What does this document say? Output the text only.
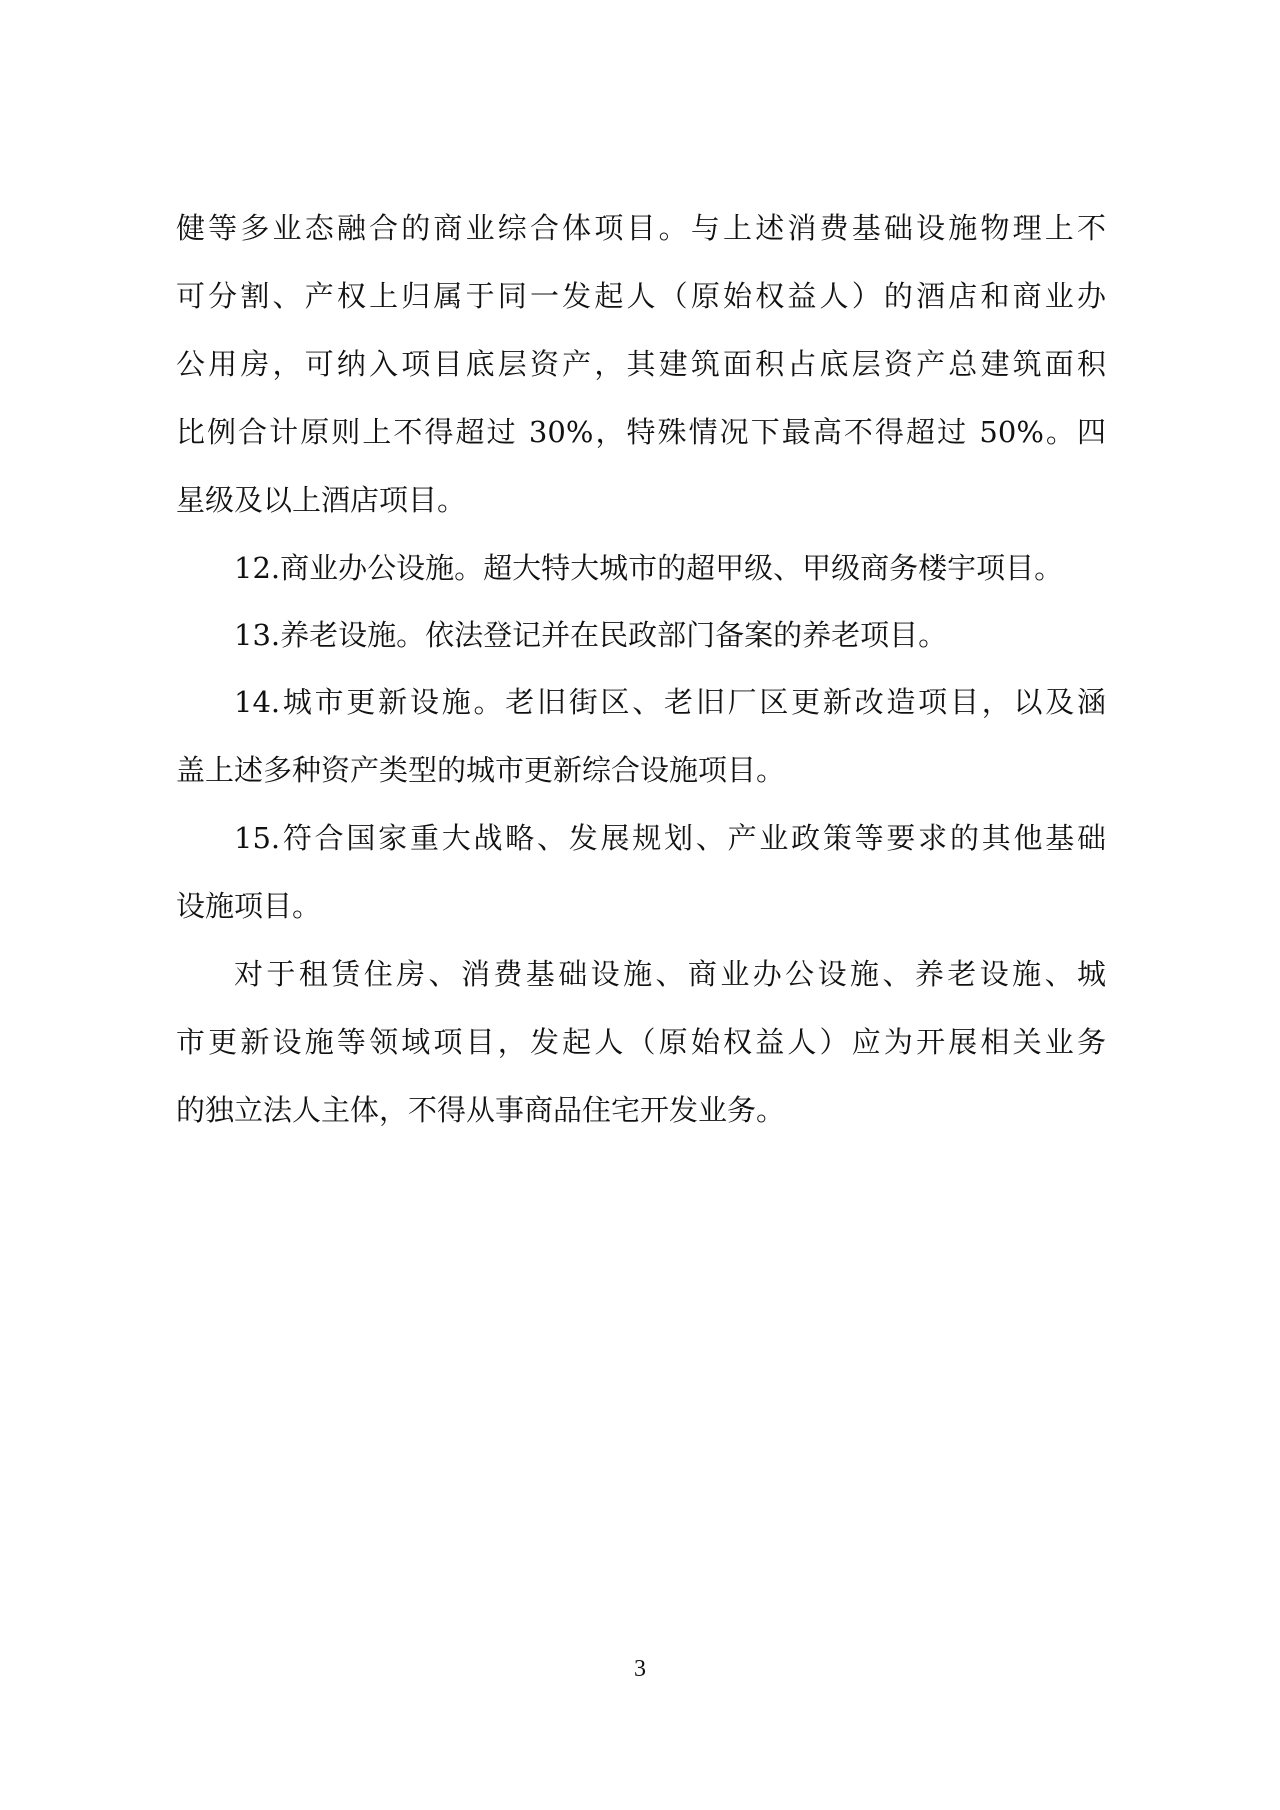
健等多业态融合的商业综合体项目。与上述消费基础设施物理上不
可分割、产权上归属于同一发起人（原始权益人）的酒店和商业办
公用房，可纳入项目底层资产，其建筑面积占底层资产总建筑面积
比例合计原则上不得超过 30%，特殊情况下最高不得超过 50%。四
星级及以上酒店项目。
12.商业办公设施。超大特大城市的超甲级、甲级商务楼宇项目。
13.养老设施。依法登记并在民政部门备案的养老项目。
14.城市更新设施。老旧街区、老旧厂区更新改造项目，以及涵
盖上述多种资产类型的城市更新综合设施项目。
15.符合国家重大战略、发展规划、产业政策等要求的其他基础
设施项目。
对于租赁住房、消费基础设施、商业办公设施、养老设施、城
市更新设施等领域项目，发起人（原始权益人）应为开展相关业务
的独立法人主体，不得从事商品住宅开发业务。
3
